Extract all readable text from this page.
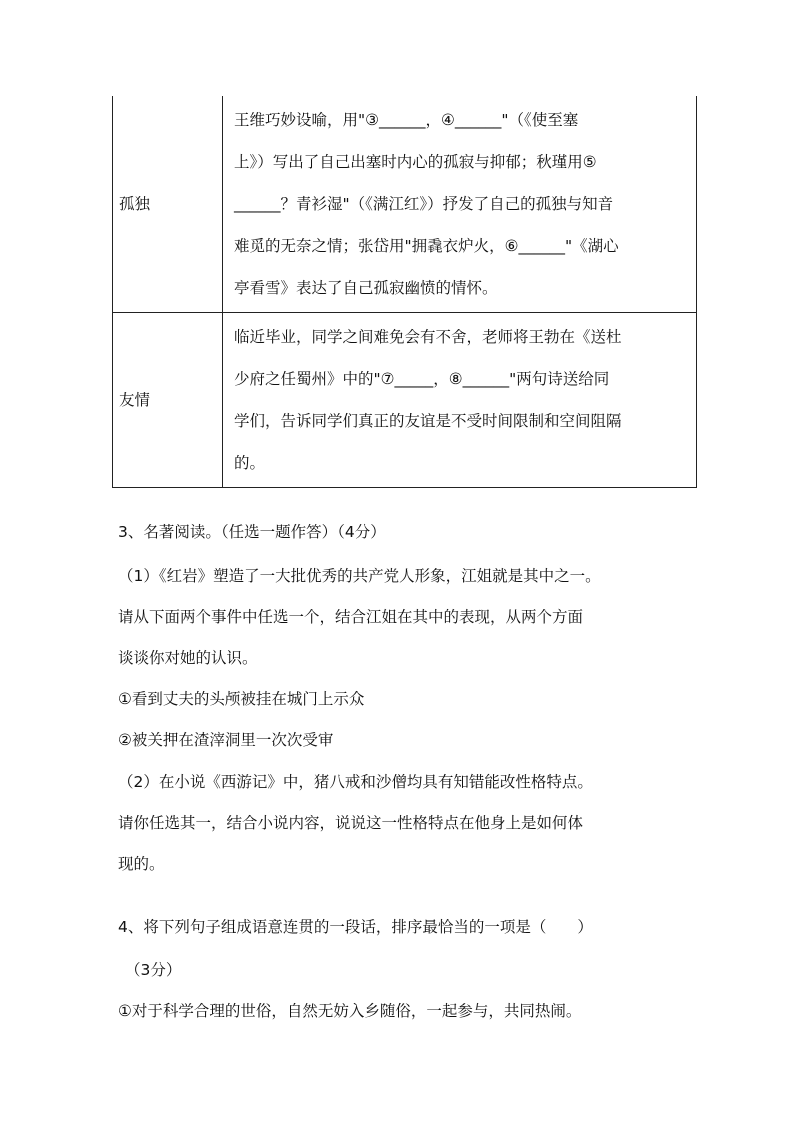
孤独	王维巧妙设喻，用"③______，④______"（《使至塞
上》）写出了自己出塞时内心的孤寂与抑郁；秋瑾用⑤
______？青衫湿"（《满江红》）抒发了自己的孤独与知音
难觅的无奈之情；张岱用"拥毳衣炉火，⑥______"《湖心
亭看雪》表达了自己孤寂幽愤的情怀。

友情	临近毕业，同学之间难免会有不舍，老师将王勃在《送杜
少府之任蜀州》中的"⑦_____，⑧______"两句诗送给同
学们，告诉同学们真正的友谊是不受时间限制和空间阻隔
的。
3、名著阅读。（任选一题作答）（4分）
（1）《红岩》塑造了一大批优秀的共产党人形象，江姐就是其中之一。
请从下面两个事件中任选一个，结合江姐在其中的表现，从两个方面
谈谈你对她的认识。
①看到丈夫的头颅被挂在城门上示众
②被关押在渣滓洞里一次次受审
（2）在小说《西游记》中，猪八戒和沙僧均具有知错能改性格特点。
请你任选其一，结合小说内容，说说这一性格特点在他身上是如何体
现的。
4、将下列句子组成语意连贯的一段话，排序最恰当的一项是（　　）
（3分）
①对于科学合理的世俗，自然无妨入乡随俗，一起参与，共同热闹。
